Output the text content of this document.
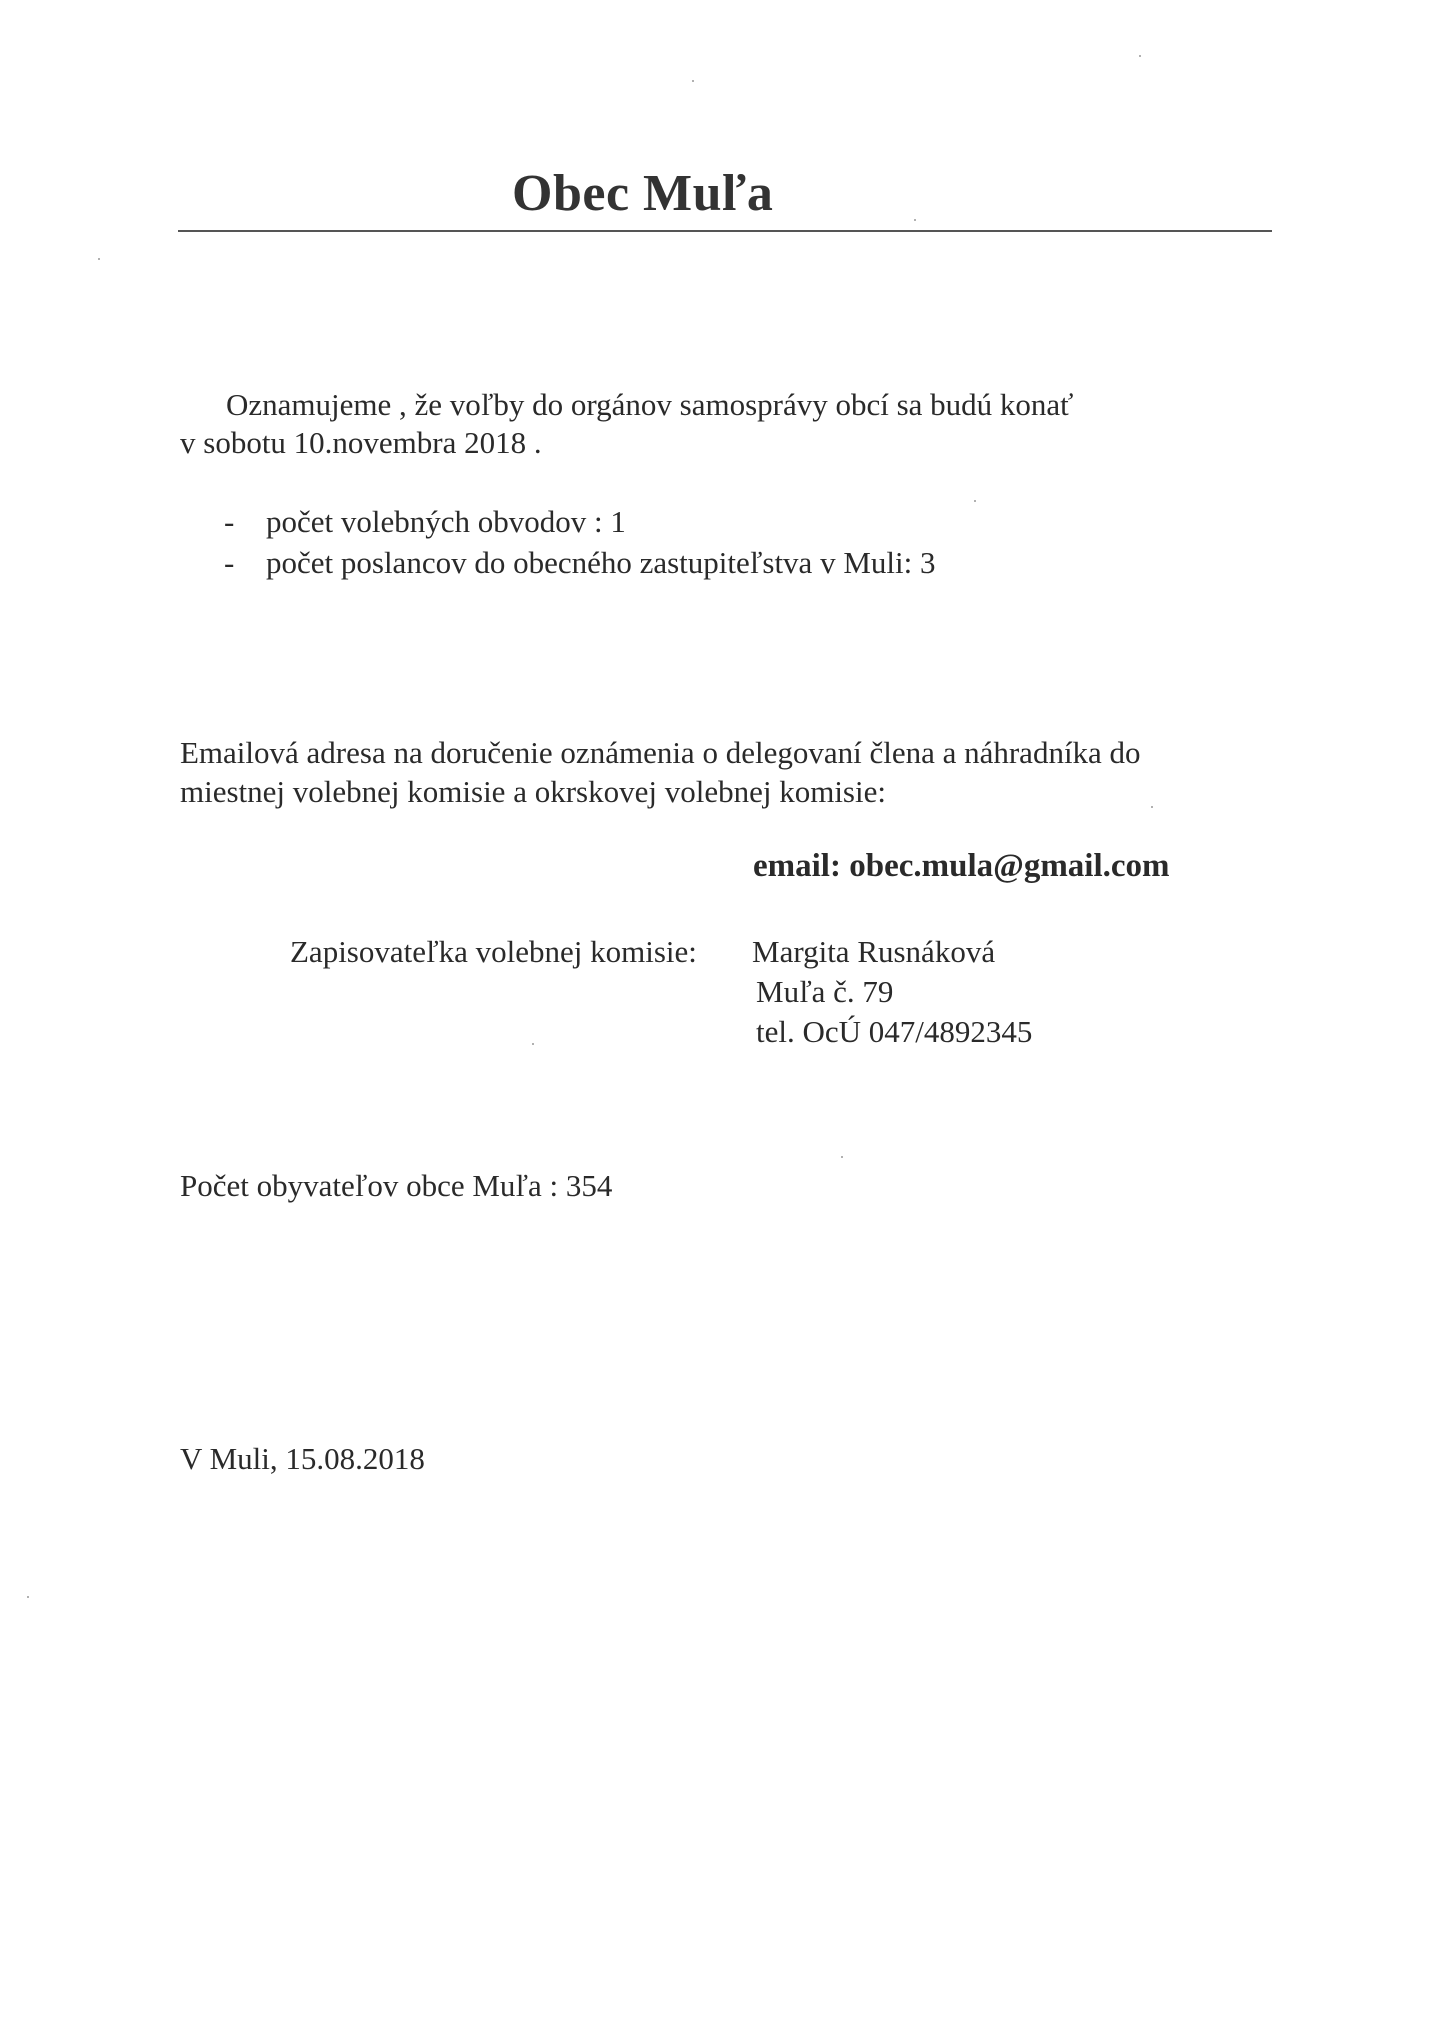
Obec Muľa
Oznamujeme , že voľby do orgánov samosprávy obcí sa budú konať
v sobotu 10.novembra 2018 .
- počet volebných obvodov : 1
- počet poslancov do obecného zastupiteľstva v Muli: 3
Emailová adresa na doručenie oznámenia o delegovaní člena a náhradníka do
miestnej volebnej komisie a okrskovej volebnej komisie:
email: obec.mula@gmail.com
Zapisovateľka volebnej komisie: Margita Rusnáková
Muľa č. 79
tel. OcÚ 047/4892345
Počet obyvateľov obce Muľa : 354
V Muli, 15.08.2018
